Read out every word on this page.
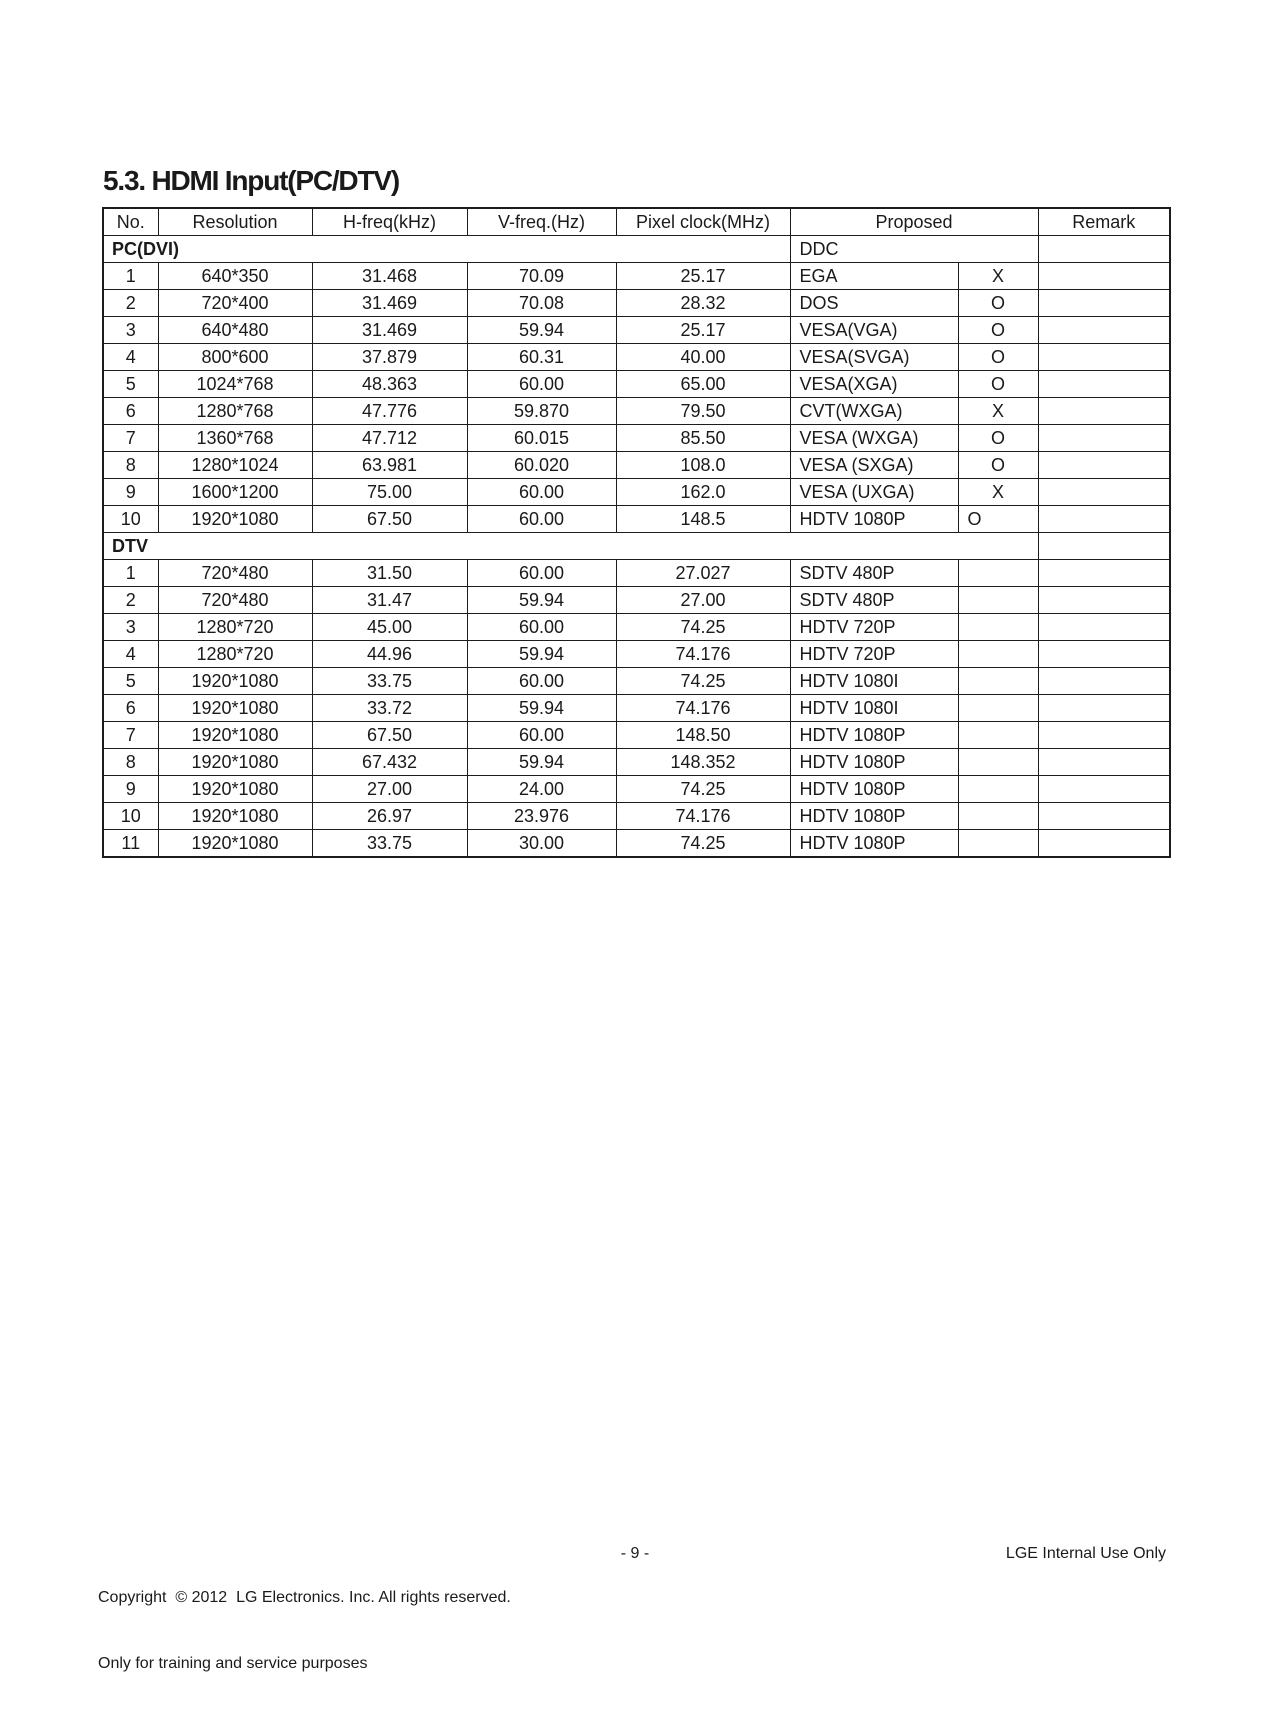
5.3. HDMI Input(PC/DTV)
No.	Resolution	H-freq(kHz)	V-freq.(Hz)	Pixel clock(MHz)	Proposed		Remark
PC(DVI)					DDC		
1	640*350	31.468	70.09	25.17	EGA	X	
2	720*400	31.469	70.08	28.32	DOS	O	
3	640*480	31.469	59.94	25.17	VESA(VGA)	O	
4	800*600	37.879	60.31	40.00	VESA(SVGA)	O	
5	1024*768	48.363	60.00	65.00	VESA(XGA)	O	
6	1280*768	47.776	59.870	79.50	CVT(WXGA)	X	
7	1360*768	47.712	60.015	85.50	VESA (WXGA)	O	
8	1280*1024	63.981	60.020	108.0	VESA (SXGA)	O	
9	1600*1200	75.00	60.00	162.0	VESA (UXGA)	X	
10	1920*1080	67.50	60.00	148.5	HDTV 1080P	O	
DTV							
1	720*480	31.50	60.00	27.027	SDTV 480P		
2	720*480	31.47	59.94	27.00	SDTV 480P		
3	1280*720	45.00	60.00	74.25	HDTV 720P		
4	1280*720	44.96	59.94	74.176	HDTV 720P		
5	1920*1080	33.75	60.00	74.25	HDTV 1080I		
6	1920*1080	33.72	59.94	74.176	HDTV 1080I		
7	1920*1080	67.50	60.00	148.50	HDTV 1080P		
8	1920*1080	67.432	59.94	148.352	HDTV 1080P		
9	1920*1080	27.00	24.00	74.25	HDTV 1080P		
10	1920*1080	26.97	23.976	74.176	HDTV 1080P		
11	1920*1080	33.75	30.00	74.25	HDTV 1080P		

Copyright  © 2012  LG Electronics. Inc. All rights reserved.

Only for training and service purposes

- 9 -	LGE Internal Use Only
